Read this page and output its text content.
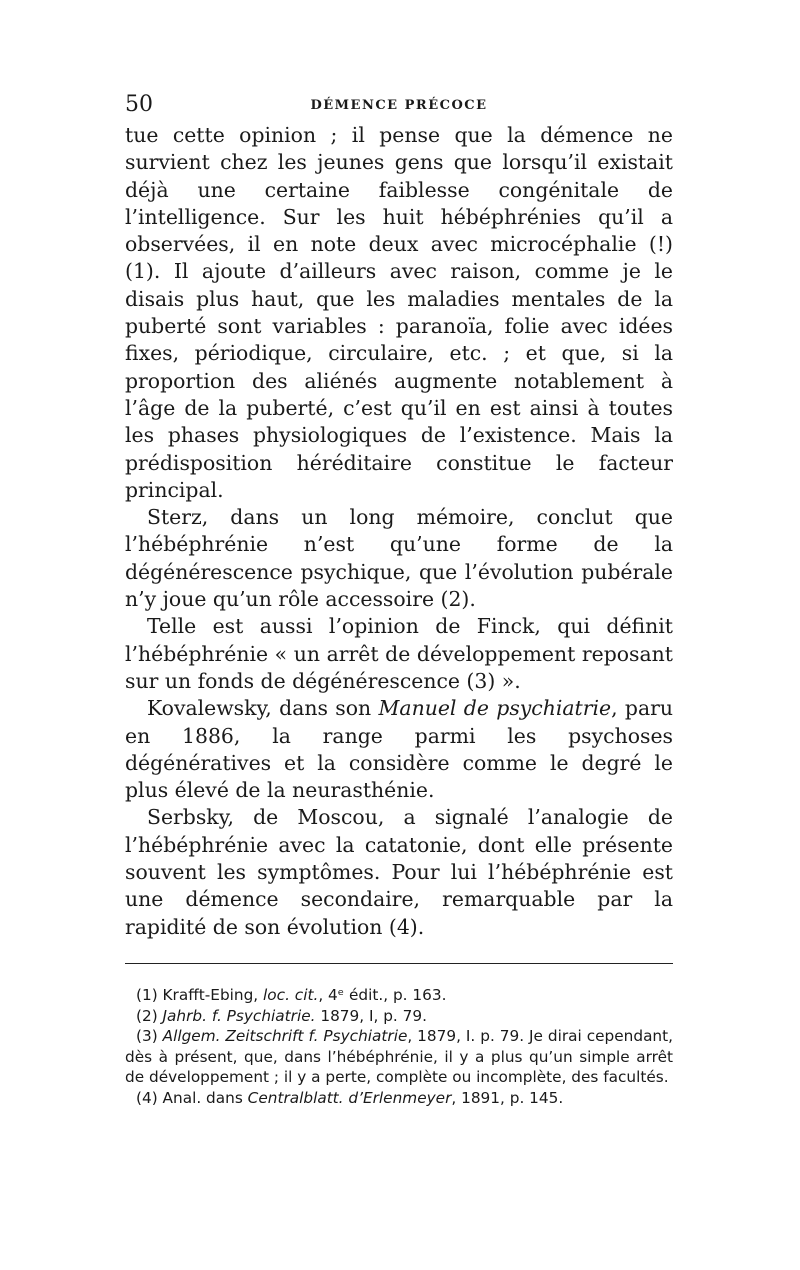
50	DÉMENCE PRÉCOCE

tue cette opinion ; il pense que la démence ne survient chez les jeunes gens que lorsqu’il existait déjà une certaine faiblesse congénitale de l’intelligence. Sur les huit hébéphrénies qu’il a observées, il en note deux avec microcéphalie (!) (1). Il ajoute d’ailleurs avec raison, comme je le disais plus haut, que les maladies mentales de la puberté sont variables : paranoïa, folie avec idées fixes, périodique, circulaire, etc. ; et que, si la proportion des aliénés augmente notablement à l’âge de la puberté, c’est qu’il en est ainsi à toutes les phases physiologiques de l’existence. Mais la prédisposition héréditaire constitue le facteur principal.

Sterz, dans un long mémoire, conclut que l’hébéphrénie n’est qu’une forme de la dégénérescence psychique, que l’évolution pubérale n’y joue qu’un rôle accessoire (2).

Telle est aussi l’opinion de Finck, qui définit l’hébéphrénie « un arrêt de développement reposant sur un fonds de dégénérescence (3) ».

Kovalewsky, dans son Manuel de psychiatrie, paru en 1886, la range parmi les psychoses dégénératives et la considère comme le degré le plus élevé de la neurasthénie.

Serbsky, de Moscou, a signalé l’analogie de l’hébéphrénie avec la catatonie, dont elle présente souvent les symptômes. Pour lui l’hébéphrénie est une démence secondaire, remarquable par la rapidité de son évolution (4).

(1) Krafft-Ebing, loc. cit., 4ᵉ édit., p. 163.

(2) Jahrb. f. Psychiatrie. 1879, I, p. 79.

(3) Allgem. Zeitschrift f. Psychiatrie, 1879, I. p. 79. Je dirai cependant, dès à présent, que, dans l’hébéphrénie, il y a plus qu’un simple arrêt de développement ; il y a perte, complète ou incomplète, des facultés.

(4) Anal. dans Centralblatt. d’Erlenmeyer, 1891, p. 145.
